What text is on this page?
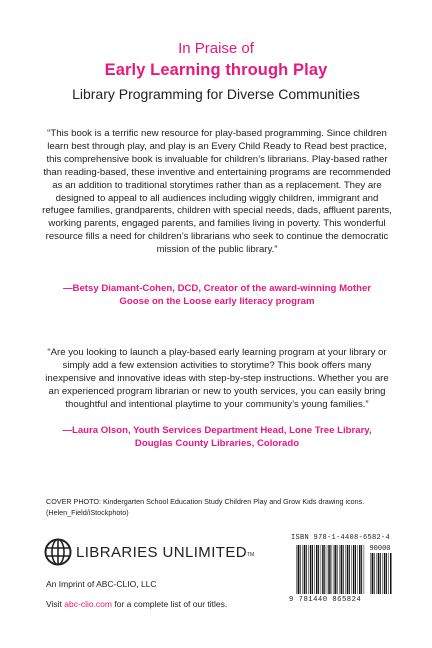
In Praise of
Early Learning through Play
Library Programming for Diverse Communities
“This book is a terrific new resource for play-based programming. Since children learn best through play, and play is an Every Child Ready to Read best practice, this comprehensive book is invaluable for children’s librarians. Play-based rather than reading-based, these inventive and entertaining programs are recommended as an addition to traditional storytimes rather than as a replacement. They are designed to appeal to all audiences including wiggly children, immigrant and refugee families, grandparents, children with special needs, dads, affluent parents, working parents, engaged parents, and families living in poverty. This wonderful resource fills a need for children’s librarians who seek to continue the democratic mission of the public library.”
—Betsy Diamant-Cohen, DCD, Creator of the award-winning Mother Goose on the Loose early literacy program
“Are you looking to launch a play-based early learning program at your library or simply add a few extension activities to storytime? This book offers many inexpensive and innovative ideas with step-by-step instructions. Whether you are an experienced program librarian or new to youth services, you can easily bring thoughtful and intentional playtime to your community’s young families.”
—Laura Olson, Youth Services Department Head, Lone Tree Library, Douglas County Libraries, Colorado
COVER PHOTO: Kindergarten School Education Study Children Play and Grow Kids drawing icons. (Helen_Field/iStockphoto)
LIBRARIES UNLIMITED TM
An Imprint of ABC-CLIO, LLC
Visit abc-clio.com for a complete list of our titles.
ISBN 978-1-4408-6582-4
90000
9 781440 865824
